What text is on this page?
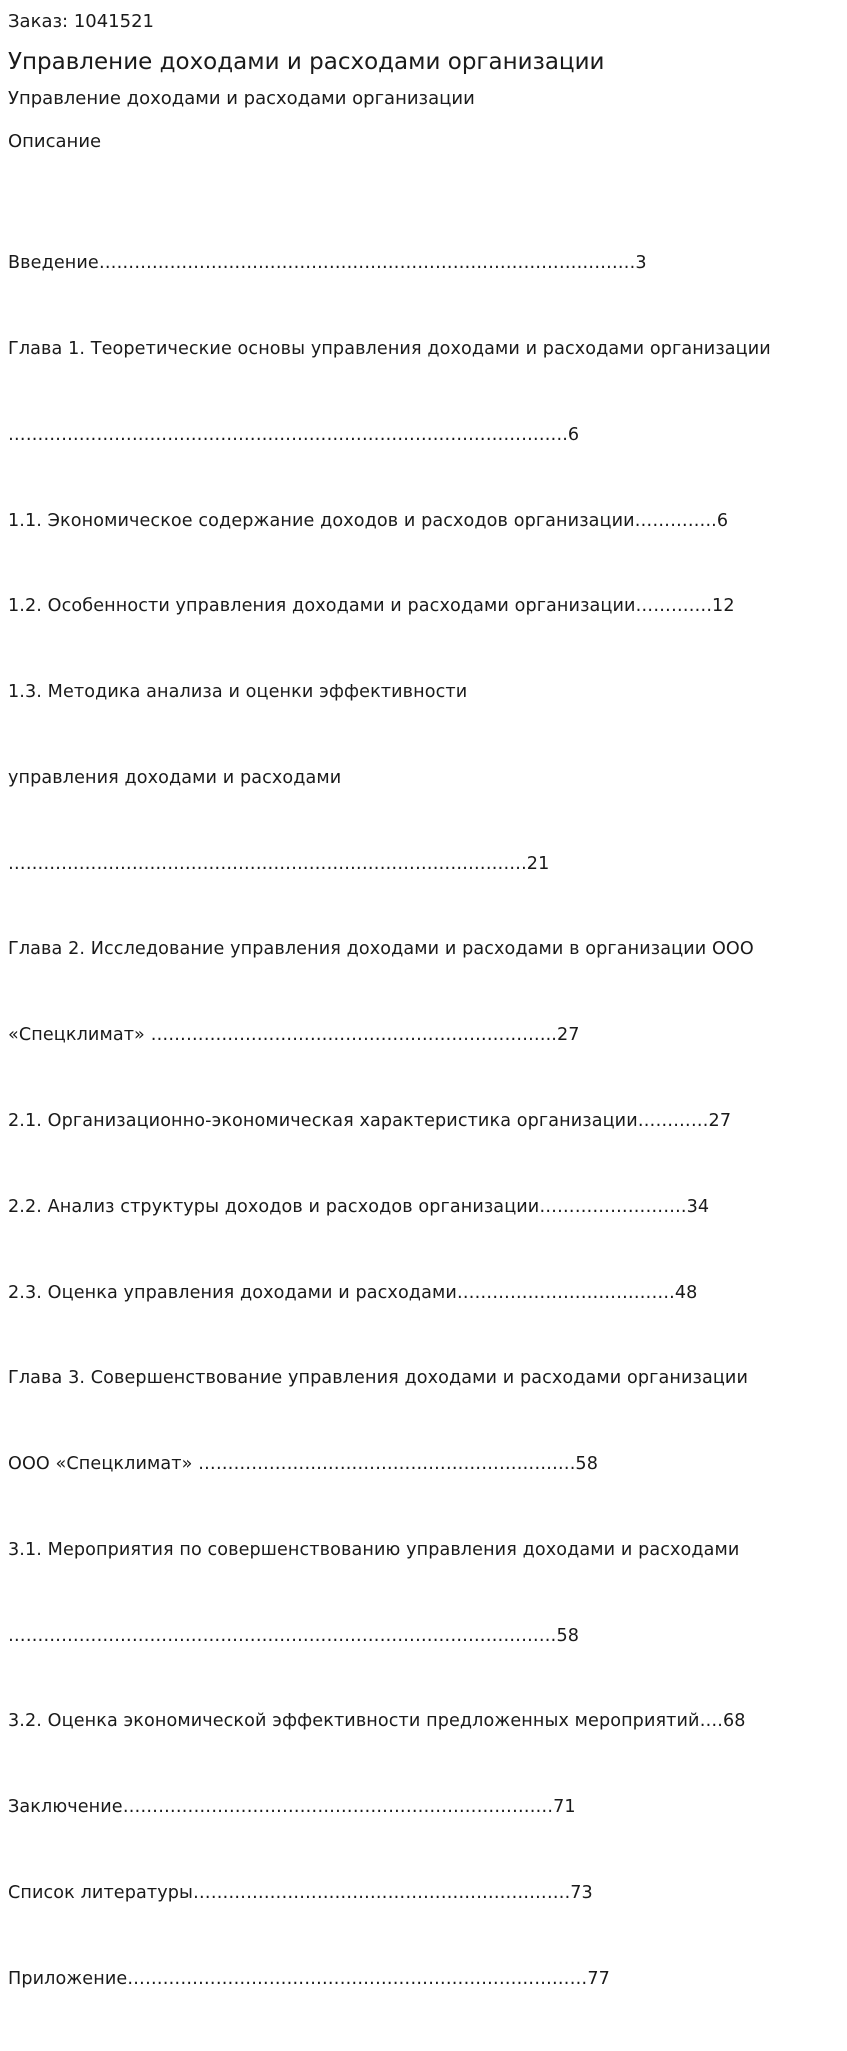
Заказ: 1041521
Управление доходами и расходами организации
Управление доходами и расходами организации
Описание

Введение……………………………………………………………………………….3

Глава 1. Теоретические основы управления доходами и расходами организации

…………………………………………………………………………………..6

1.1. Экономическое содержание доходов и расходов организации…………..6

1.2. Особенности управления доходами и расходами организации………….12

1.3. Методика анализа и оценки эффективности

управления доходами и расходами

…………………………………………………………………………….21

Глава 2. Исследование управления доходами и расходами в организации ООО

«Спецклимат» …………………………………………………………...27

2.1. Организационно-экономическая характеристика организации…………27

2.2. Анализ структуры доходов и расходов организации…………………….34

2.3. Оценка управления доходами и расходами……………………………….48

Глава 3. Совершенствование управления доходами и расходами организации

ООО «Спецклимат» ……………………………………………………….58

3.1. Мероприятия по совершенствованию управления доходами и расходами

…………………………………………………………………………………58

3.2. Оценка экономической эффективности предложенных мероприятий….68

Заключение……………………………………………………………….71

Список литературы……………………………………………………….73

Приложение……………………………………………………………………77
